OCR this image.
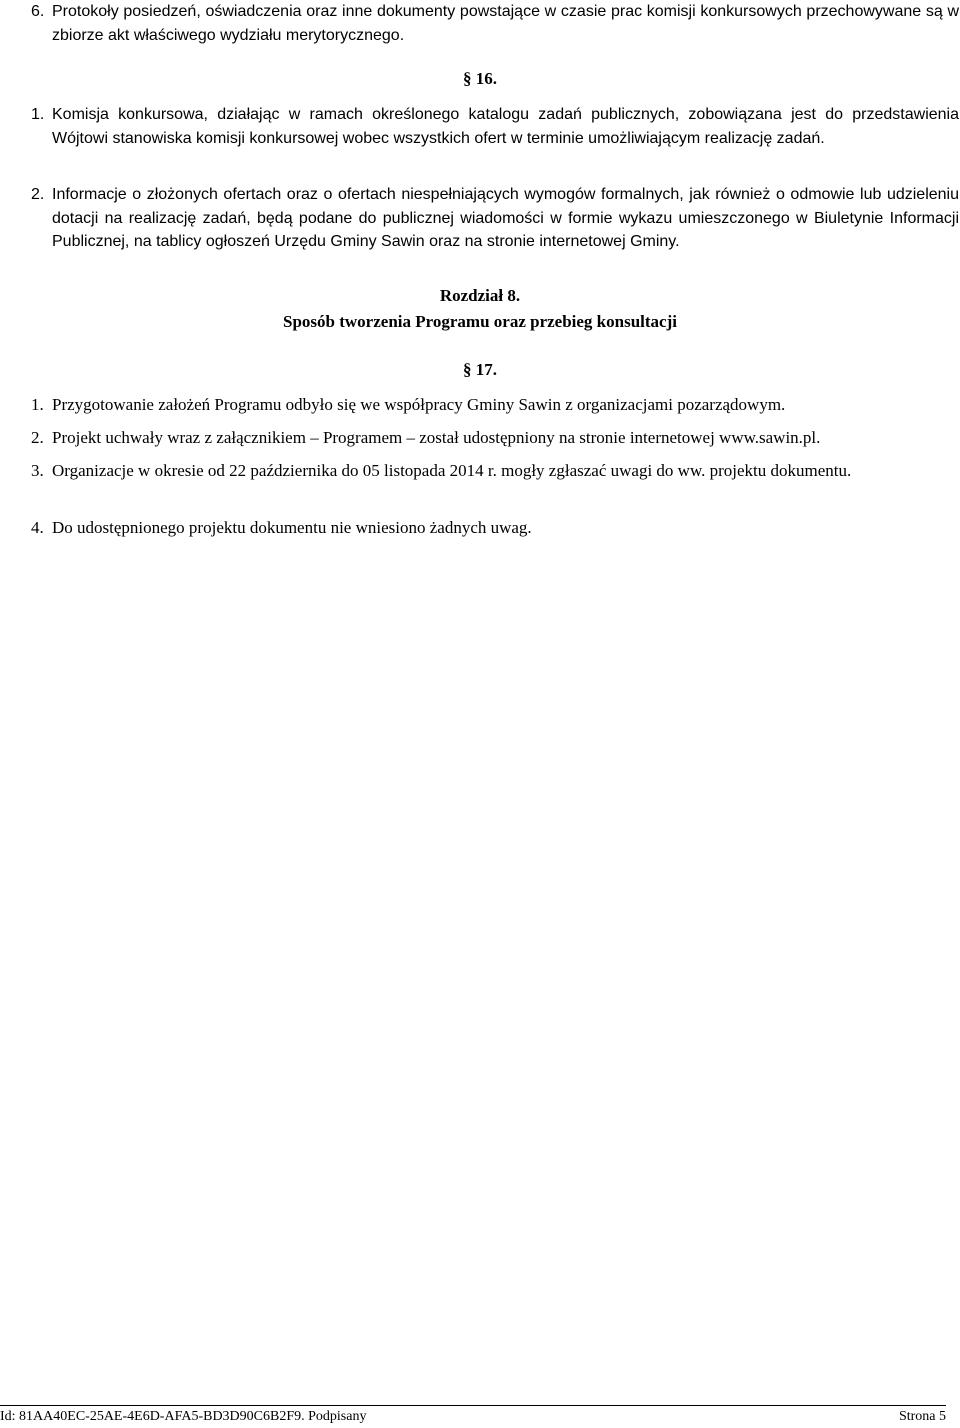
6. Protokoły posiedzeń, oświadczenia oraz inne dokumenty powstające w czasie prac komisji konkursowych przechowywane są w zbiorze akt właściwego wydziału merytorycznego.

§ 16.

1. Komisja konkursowa, działając w ramach określonego katalogu zadań publicznych, zobowiązana jest do przedstawienia Wójtowi stanowiska komisji konkursowej wobec wszystkich ofert w terminie umożliwiającym realizację zadań.

2. Informacje o złożonych ofertach oraz o ofertach niespełniających wymogów formalnych, jak również o odmowie lub udzieleniu dotacji na realizację zadań, będą podane do publicznej wiadomości w formie wykazu umieszczonego w Biuletynie Informacji Publicznej, na tablicy ogłoszeń Urzędu Gminy Sawin oraz na stronie internetowej Gminy.

Rozdział 8.
Sposób tworzenia Programu oraz przebieg konsultacji
§ 17.

1. Przygotowanie założeń Programu odbyło się we współpracy Gminy Sawin z organizacjami pozarządowym.

2. Projekt uchwały wraz z załącznikiem – Programem – został udostępniony na stronie internetowej www.sawin.pl.

3. Organizacje w okresie od 22 października do 05 listopada 2014 r. mogły zgłaszać uwagi do ww. projektu dokumentu.

4. Do udostępnionego projektu dokumentu nie wniesiono żadnych uwag.

Id: 81AA40EC-25AE-4E6D-AFA5-BD3D90C6B2F9. Podpisany	Strona 5
